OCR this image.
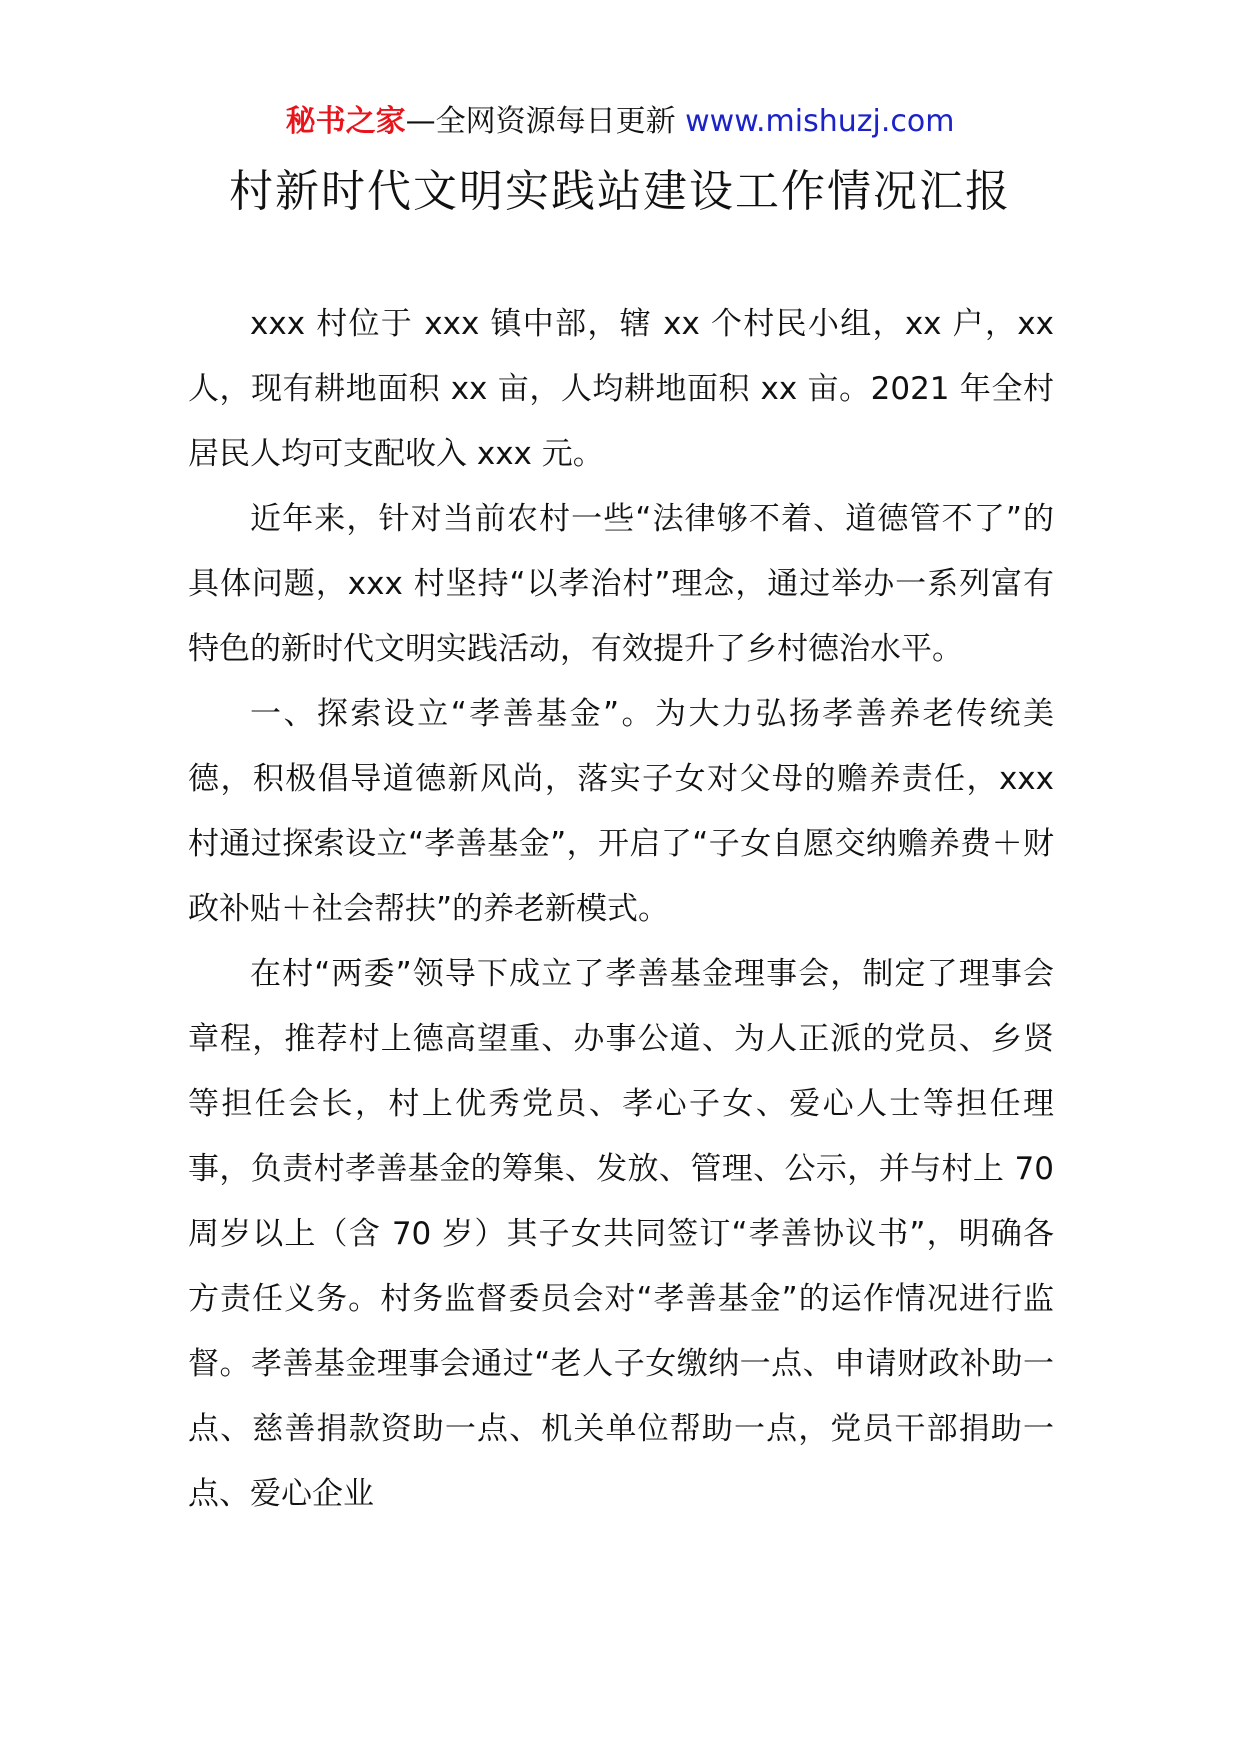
秘书之家—全网资源每日更新 www.mishuzj.com
村新时代文明实践站建设工作情况汇报

xxx 村位于 xxx 镇中部，辖 xx 个村民小组，xx 户，xx 人，现有耕地面积 xx 亩，人均耕地面积 xx 亩。2021 年全村居民人均可支配收入 xxx 元。

近年来，针对当前农村一些“法律够不着、道德管不了”的具体问题，xxx 村坚持“以孝治村”理念，通过举办一系列富有特色的新时代文明实践活动，有效提升了乡村德治水平。

一、探索设立“孝善基金”。为大力弘扬孝善养老传统美德，积极倡导道德新风尚，落实子女对父母的赡养责任，xxx 村通过探索设立“孝善基金”，开启了“子女自愿交纳赡养费＋财政补贴＋社会帮扶”的养老新模式。

在村“两委”领导下成立了孝善基金理事会，制定了理事会章程，推荐村上德高望重、办事公道、为人正派的党员、乡贤等担任会长，村上优秀党员、孝心子女、爱心人士等担任理事，负责村孝善基金的筹集、发放、管理、公示，并与村上 70 周岁以上（含 70 岁）其子女共同签订“孝善协议书”，明确各方责任义务。村务监督委员会对“孝善基金”的运作情况进行监督。孝善基金理事会通过“老人子女缴纳一点、申请财政补助一点、慈善捐款资助一点、机关单位帮助一点，党员干部捐助一点、爱心企业
